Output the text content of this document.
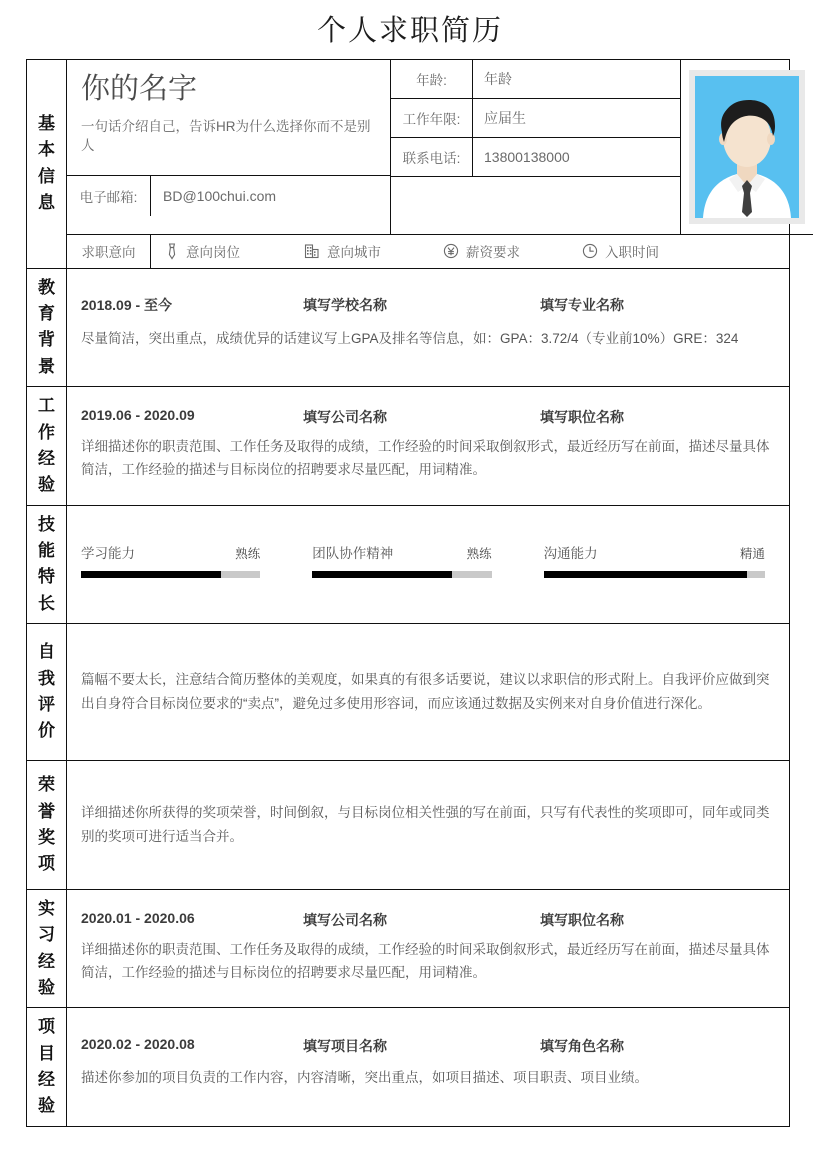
个人求职简历
基
本
信
息
你的名字
一句话介绍自己，告诉HR为什么选择你而不是别人
电子邮箱:	BD@100chui.com
年龄:	年龄
工作年限:	应届生
联系电话:	13800138000
求职意向	意向岗位	意向城市	薪资要求	入职时间
教
育
背
景
2018.09 - 至今	填写学校名称	填写专业名称
尽量简洁，突出重点，成绩优异的话建议写上GPA及排名等信息，如：GPA：3.72/4（专业前10%）GRE：324
工
作
经
验
2019.06 - 2020.09	填写公司名称	填写职位名称
详细描述你的职责范围、工作任务及取得的成绩，工作经验的时间采取倒叙形式，最近经历写在前面，描述尽量具体简洁，工作经验的描述与目标岗位的招聘要求尽量匹配，用词精准。
技
能
特
长
学习能力	熟练	团队协作精神	熟练	沟通能力	精通
自
我
评
价
篇幅不要太长，注意结合简历整体的美观度，如果真的有很多话要说，建议以求职信的形式附上。自我评价应做到突出自身符合目标岗位要求的“卖点”，避免过多使用形容词，而应该通过数据及实例来对自身价值进行深化。
荣
誉
奖
项
详细描述你所获得的奖项荣誉，时间倒叙，与目标岗位相关性强的写在前面，只写有代表性的奖项即可，同年或同类别的奖项可进行适当合并。
实
习
经
验
2020.01 - 2020.06	填写公司名称	填写职位名称
详细描述你的职责范围、工作任务及取得的成绩，工作经验的时间采取倒叙形式，最近经历写在前面，描述尽量具体简洁，工作经验的描述与目标岗位的招聘要求尽量匹配，用词精准。
项
目
经
验
2020.02 - 2020.08	填写项目名称	填写角色名称
描述你参加的项目负责的工作内容，内容清晰，突出重点，如项目描述、项目职责、项目业绩。
